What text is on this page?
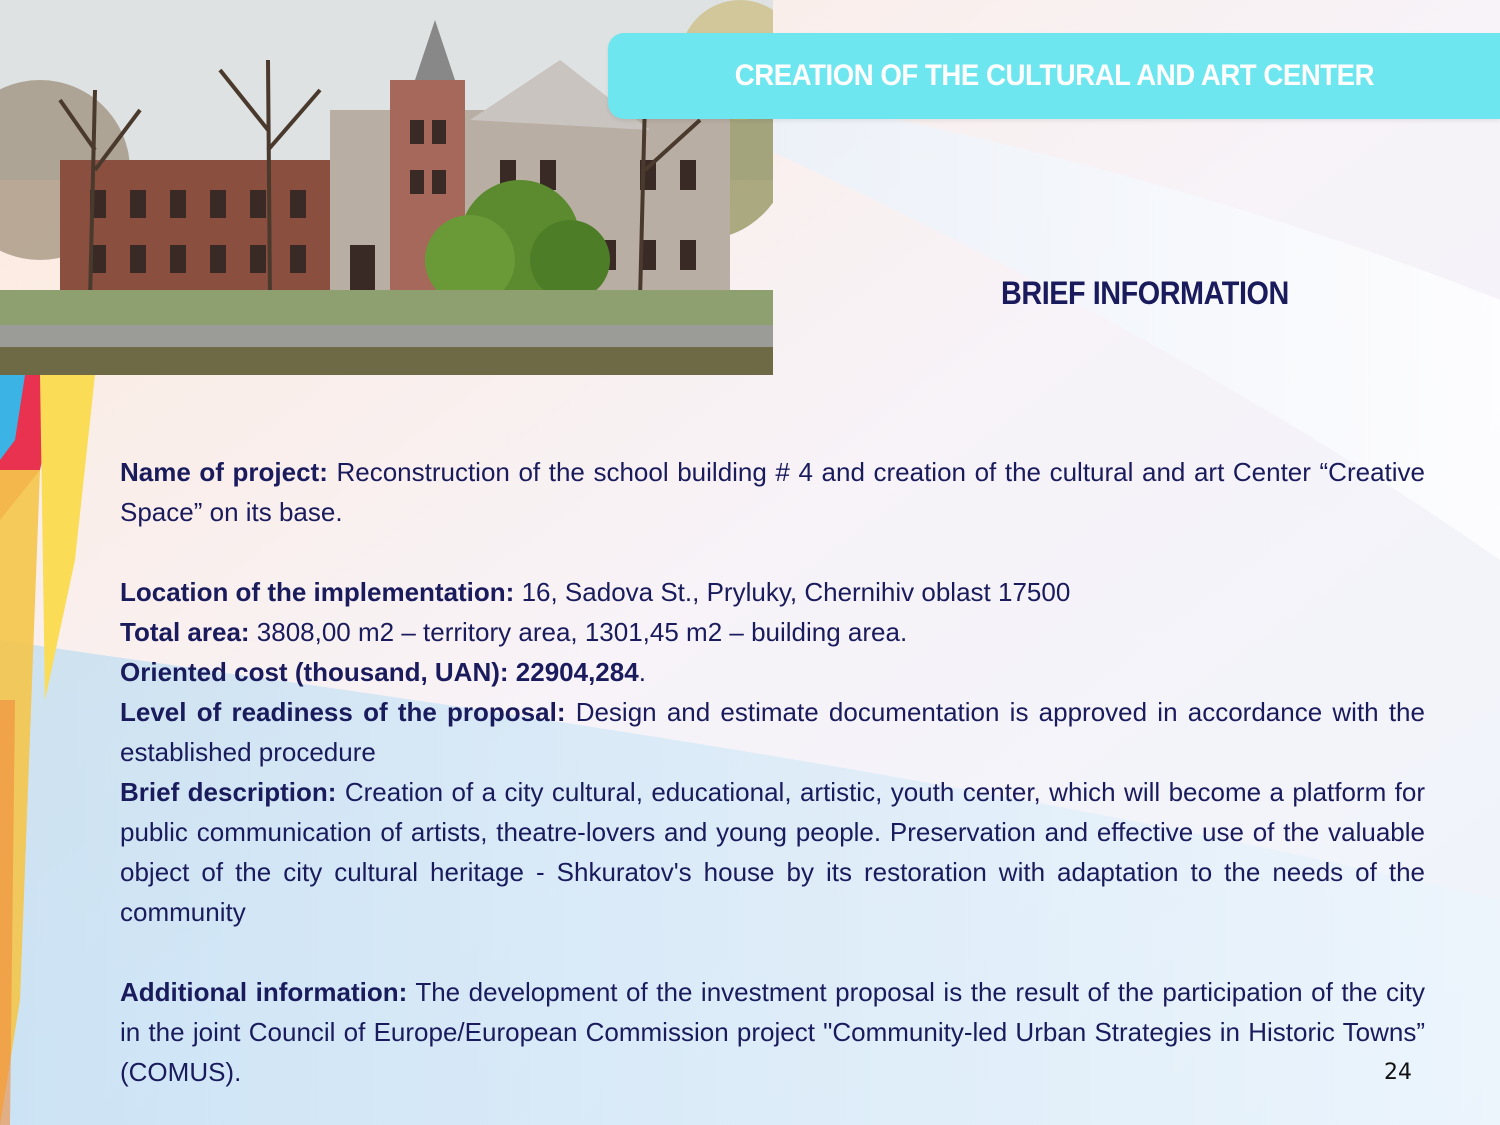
CREATION OF THE CULTURAL AND ART CENTER
BRIEF INFORMATION

Name of project: Reconstruction of the school building # 4 and creation of the cultural and art Center “Creative Space” on its base.

Location of the implementation: 16, Sadova St., Pryluky, Chernihiv oblast 17500

Total area: 3808,00 m2 – territory area, 1301,45 m2 – building area.

Oriented cost (thousand, UAN): 22904,284.

Level of readiness of the proposal: Design and estimate documentation is approved in accordance with the established procedure

Brief description: Creation of a city cultural, educational, artistic, youth center, which will become a platform for public communication of artists, theatre-lovers and young people. Preservation and effective use of the valuable object of the city cultural heritage - Shkuratov's house by its restoration with adaptation to the needs of the community

Additional information: The development of the investment proposal is the result of the participation of the city in the joint Council of Europe/European Commission project "Community-led Urban Strategies in Historic Towns” (COMUS).	24
